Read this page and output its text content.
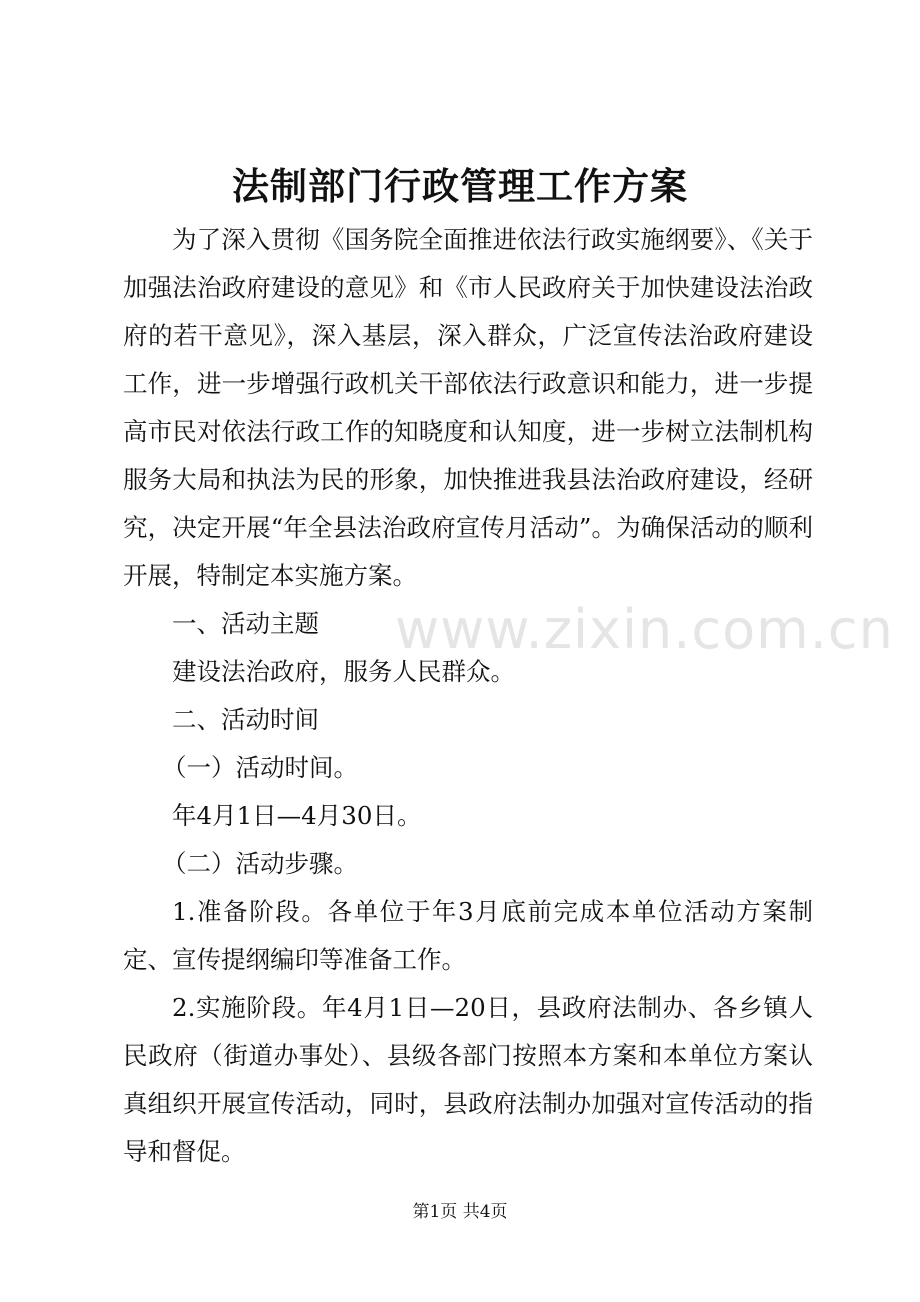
法制部门行政管理工作方案

为了深入贯彻《国务院全面推进依法行政实施纲要》、《关于加强法治政府建设的意见》和《市人民政府关于加快建设法治政府的若干意见》，深入基层，深入群众，广泛宣传法治政府建设工作，进一步增强行政机关干部依法行政意识和能力，进一步提高市民对依法行政工作的知晓度和认知度，进一步树立法制机构服务大局和执法为民的形象，加快推进我县法治政府建设，经研究，决定开展“年全县法治政府宣传月活动”。为确保活动的顺利开展，特制定本实施方案。

一、活动主题

建设法治政府，服务人民群众。

二、活动时间

（一）活动时间。

年4月1日—4月30日。

（二）活动步骤。

1.准备阶段。各单位于年3月底前完成本单位活动方案制定、宣传提纲编印等准备工作。

2.实施阶段。年4月1日—20日，县政府法制办、各乡镇人民政府（街道办事处）、县级各部门按照本方案和本单位方案认真组织开展宣传活动，同时，县政府法制办加强对宣传活动的指导和督促。

www.zixin.com.cn
第1页 共4页
